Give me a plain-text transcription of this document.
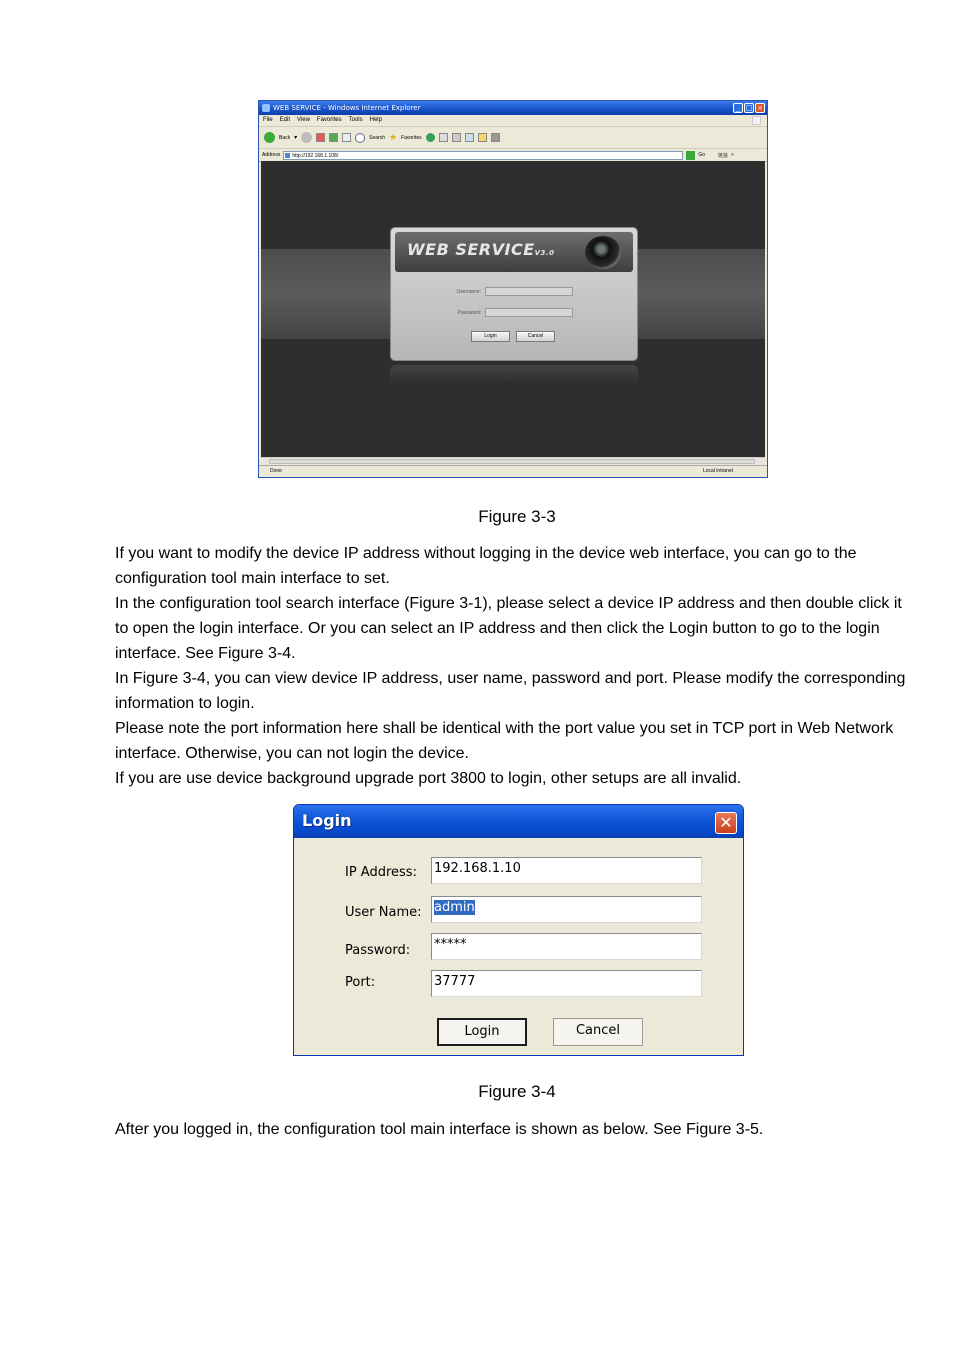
WEB SERVICE - Windows Internet Explorer	_ □ ×
File Edit View Favorites Tools Help
Back ▾	Search ★ Favorites
Address	http://192.168.1.108/	Go	链接 »
WEB SERVICEV3.0
Username:
Password:
Login	Cancel
Done	Local intranet
Figure 3-3
If you want to modify the device IP address without logging in the device web interface, you can go to the configuration tool main interface to set.
In the configuration tool search interface (Figure 3-1), please select a device IP address and then double click it to open the login interface. Or you can select an IP address and then click the Login button to go to the login interface. See Figure 3-4.
In Figure 3-4, you can view device IP address, user name, password and port. Please modify the corresponding information to login.
Please note the port information here shall be identical with the port value you set in TCP port in Web Network interface. Otherwise, you can not login the device.
If you are use device background upgrade port 3800 to login, other setups are all invalid.
Login	✕
IP Address: 192.168.1.10
User Name: admin
Password: *****
Port:	37777
Login	Cancel
Figure 3-4
After you logged in, the configuration tool main interface is shown as below. See Figure 3-5.
